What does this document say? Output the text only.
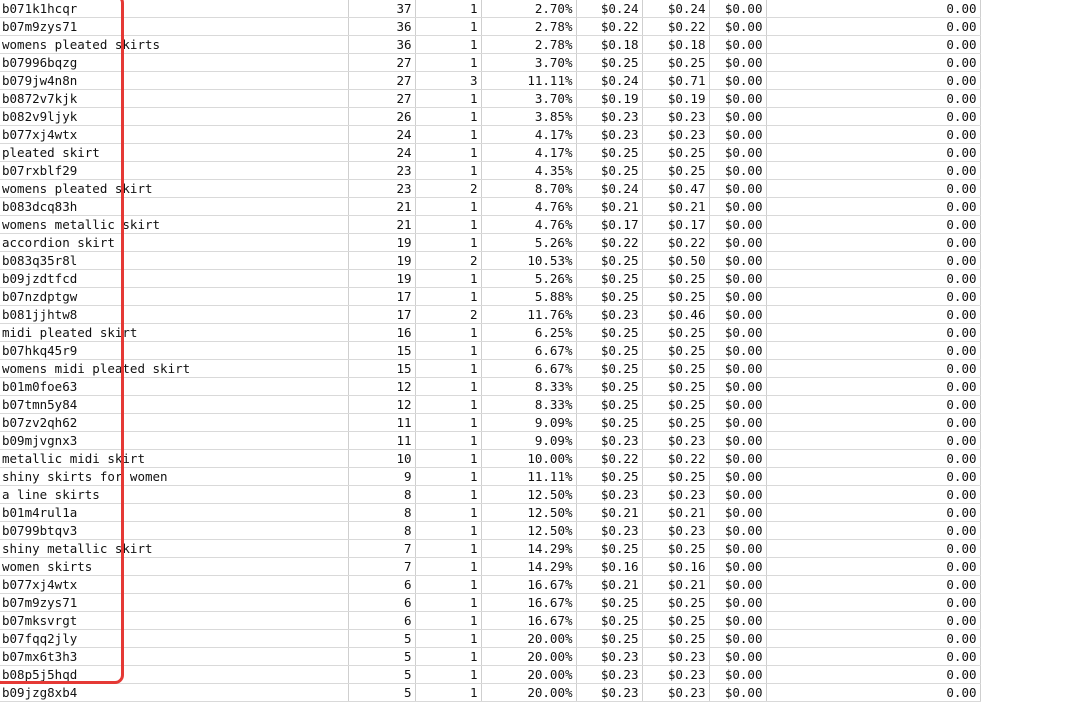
b071k1hcqr	37	1	2.70%	$0.24	$0.24	$0.00	0.00
b07m9zys71	36	1	2.78%	$0.22	$0.22	$0.00	0.00
womens pleated skirts	36	1	2.78%	$0.18	$0.18	$0.00	0.00
b07996bqzg	27	1	3.70%	$0.25	$0.25	$0.00	0.00
b079jw4n8n	27	3	11.11%	$0.24	$0.71	$0.00	0.00
b0872v7kjk	27	1	3.70%	$0.19	$0.19	$0.00	0.00
b082v9ljyk	26	1	3.85%	$0.23	$0.23	$0.00	0.00
b077xj4wtx	24	1	4.17%	$0.23	$0.23	$0.00	0.00
pleated skirt	24	1	4.17%	$0.25	$0.25	$0.00	0.00
b07rxblf29	23	1	4.35%	$0.25	$0.25	$0.00	0.00
womens pleated skirt	23	2	8.70%	$0.24	$0.47	$0.00	0.00
b083dcq83h	21	1	4.76%	$0.21	$0.21	$0.00	0.00
womens metallic skirt	21	1	4.76%	$0.17	$0.17	$0.00	0.00
accordion skirt	19	1	5.26%	$0.22	$0.22	$0.00	0.00
b083q35r8l	19	2	10.53%	$0.25	$0.50	$0.00	0.00
b09jzdtfcd	19	1	5.26%	$0.25	$0.25	$0.00	0.00
b07nzdptgw	17	1	5.88%	$0.25	$0.25	$0.00	0.00
b081jjhtw8	17	2	11.76%	$0.23	$0.46	$0.00	0.00
midi pleated skirt	16	1	6.25%	$0.25	$0.25	$0.00	0.00
b07hkq45r9	15	1	6.67%	$0.25	$0.25	$0.00	0.00
womens midi pleated skirt	15	1	6.67%	$0.25	$0.25	$0.00	0.00
b01m0foe63	12	1	8.33%	$0.25	$0.25	$0.00	0.00
b07tmn5y84	12	1	8.33%	$0.25	$0.25	$0.00	0.00
b07zv2qh62	11	1	9.09%	$0.25	$0.25	$0.00	0.00
b09mjvgnx3	11	1	9.09%	$0.23	$0.23	$0.00	0.00
metallic midi skirt	10	1	10.00%	$0.22	$0.22	$0.00	0.00
shiny skirts for women	9	1	11.11%	$0.25	$0.25	$0.00	0.00
a line skirts	8	1	12.50%	$0.23	$0.23	$0.00	0.00
b01m4rul1a	8	1	12.50%	$0.21	$0.21	$0.00	0.00
b0799btqv3	8	1	12.50%	$0.23	$0.23	$0.00	0.00
shiny metallic skirt	7	1	14.29%	$0.25	$0.25	$0.00	0.00
women skirts	7	1	14.29%	$0.16	$0.16	$0.00	0.00
b077xj4wtx	6	1	16.67%	$0.21	$0.21	$0.00	0.00
b07m9zys71	6	1	16.67%	$0.25	$0.25	$0.00	0.00
b07mksvrgt	6	1	16.67%	$0.25	$0.25	$0.00	0.00
b07fqq2jly	5	1	20.00%	$0.25	$0.25	$0.00	0.00
b07mx6t3h3	5	1	20.00%	$0.23	$0.23	$0.00	0.00
b08p5j5hqd	5	1	20.00%	$0.23	$0.23	$0.00	0.00
b09jzg8xb4	5	1	20.00%	$0.23	$0.23	$0.00	0.00
